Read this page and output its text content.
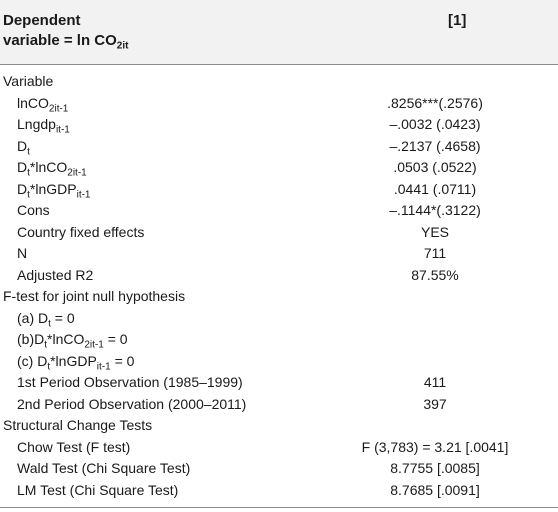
Dependent
variable = $\ln CO_{2it}$
[1]
Variable
lnCO$_{2it-1}$	.8256***(.2576)
Lngdp$_{it-1}$	–.0032 (.0423)
$D_t$	–.2137 (.4658)
$D_t*lnCO_{2it-1}$	.0503 (.0522)
$D_t*lnGDP_{it-1}$	.0441 (.0711)
Cons	–.1144*(.3122)
Country fixed effects	YES
N	711
Adjusted R2	87.55%
F-test for joint null hypothesis
(a) $D_t = 0$
$(b)D_t*lnCO_{2it-1} = 0$
(c) $D_t*lnGDP_{it-1} = 0$
1st Period Observation (1985–1999)	411
2nd Period Observation (2000–2011)	397
Structural Change Tests
Chow Test (F test)	F (3,783) = 3.21 [.0041]
Wald Test (Chi Square Test)	8.7755 [.0085]
LM Test (Chi Square Test)	8.7685 [.0091]
